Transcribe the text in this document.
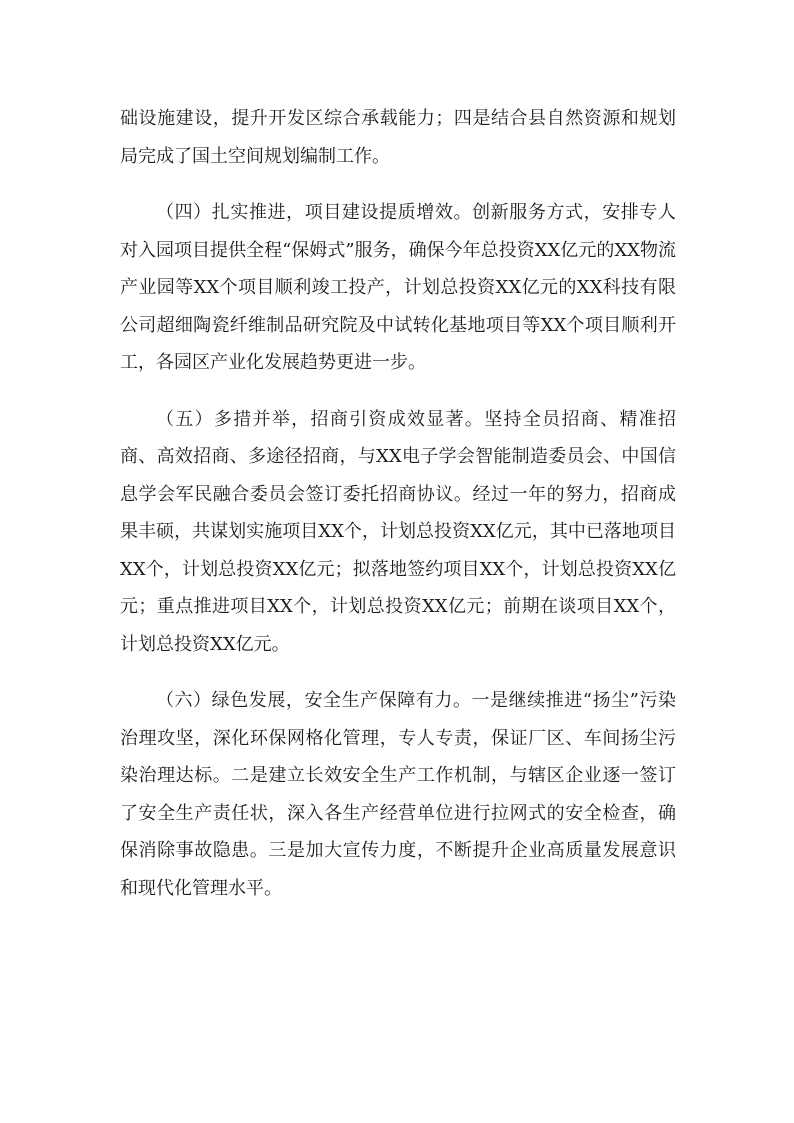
础设施建设，提升开发区综合承载能力；四是结合县自然资源和规划局完成了国土空间规划编制工作。

（四）扎实推进，项目建设提质增效。创新服务方式，安排专人对入园项目提供全程“保姆式”服务，确保今年总投资XX亿元的XX物流产业园等XX个项目顺利竣工投产，计划总投资XX亿元的XX科技有限公司超细陶瓷纤维制品研究院及中试转化基地项目等XX个项目顺利开工，各园区产业化发展趋势更进一步。

（五）多措并举，招商引资成效显著。坚持全员招商、精准招商、高效招商、多途径招商，与XX电子学会智能制造委员会、中国信息学会军民融合委员会签订委托招商协议。经过一年的努力，招商成果丰硕，共谋划实施项目XX个，计划总投资XX亿元，其中已落地项目XX个，计划总投资XX亿元；拟落地签约项目XX个，计划总投资XX亿元；重点推进项目XX个，计划总投资XX亿元；前期在谈项目XX个，计划总投资XX亿元。

（六）绿色发展，安全生产保障有力。一是继续推进“扬尘”污染治理攻坚，深化环保网格化管理，专人专责，保证厂区、车间扬尘污染治理达标。二是建立长效安全生产工作机制，与辖区企业逐一签订了安全生产责任状，深入各生产经营单位进行拉网式的安全检查，确保消除事故隐患。三是加大宣传力度，不断提升企业高质量发展意识和现代化管理水平。
